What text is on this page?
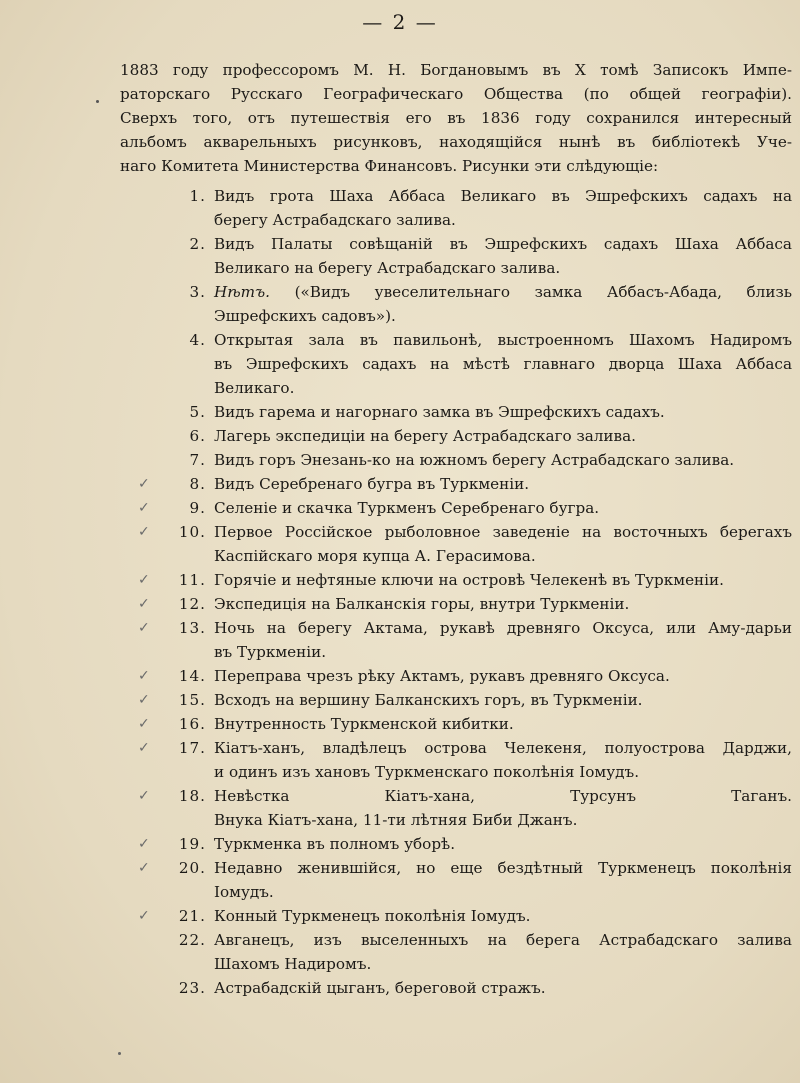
— 2 —
1883 году профессоромъ М. Н. Богдановымъ въ X томѣ Записокъ Импе-
раторскаго Русскаго Географическаго Общества (по общей географіи).
Сверхъ того, отъ путешествія его въ 1836 году сохранился интересный
альбомъ акварельныхъ рисунковъ, находящійся нынѣ въ библіотекѣ Уче-
наго Комитета Министерства Финансовъ. Рисунки эти слѣдующіе:
1. Видъ грота Шаха Аббаса Великаго въ Эшрефскихъ садахъ на
берегу Астрабадскаго залива.
2. Видъ Палаты совѣщаній въ Эшрефскихъ садахъ Шаха Аббаса
Великаго на берегу Астрабадскаго залива.
3. Нѣтъ. («Видъ увеселительнаго замка Аббасъ-Абада, близь
Эшрефскихъ садовъ»).
4. Открытая зала въ павильонѣ, выстроенномъ Шахомъ Надиромъ
въ Эшрефскихъ садахъ на мѣстѣ главнаго дворца Шаха Аббаса
Великаго.
5. Видъ гарема и нагорнаго замка въ Эшрефскихъ садахъ.
6. Лагерь экспедиціи на берегу Астрабадскаго залива.
7. Видъ горъ Энезань-ко на южномъ берегу Астрабадскаго залива.
✓	8. Видъ Серебренаго бугра въ Туркменіи.
✓	9. Селеніе и скачка Туркменъ Серебренаго бугра.
✓	10. Первое Россійское рыболовное заведеніе на восточныхъ берегахъ
Каспійскаго моря купца А. Герасимова.
✓	11. Горячіе и нефтяные ключи на островѣ Челекенѣ въ Туркменіи.
✓	12. Экспедиція на Балканскія горы, внутри Туркменіи.
✓	13. Ночь на берегу Актама, рукавѣ древняго Оксуса, или Аму-дарьи
въ Туркменіи.
✓	14. Переправа чрезъ рѣку Актамъ, рукавъ древняго Оксуса.
✓	15. Всходъ на вершину Балканскихъ горъ, въ Туркменіи.
✓	16. Внутренность Туркменской кибитки.
✓	17. Кіатъ-ханъ, владѣлецъ острова Челекеня, полуострова Дарджи,
и одинъ изъ хановъ Туркменскаго поколѣнія Іомудъ.
✓	18. Невѣстка Кіатъ-хана, Турсунъ Таганъ.
Внука Кіатъ-хана, 11-ти лѣтняя Биби Джанъ.
✓	19. Туркменка въ полномъ уборѣ.
✓	20. Недавно женившійся, но еще бездѣтный Туркменецъ поколѣнія
Іомудъ.
✓	21. Конный Туркменецъ поколѣнія Іомудъ.
22. Авганецъ, изъ выселенныхъ на берега Астрабадскаго залива
Шахомъ Надиромъ.
23. Астрабадскій цыганъ, береговой стражъ.
